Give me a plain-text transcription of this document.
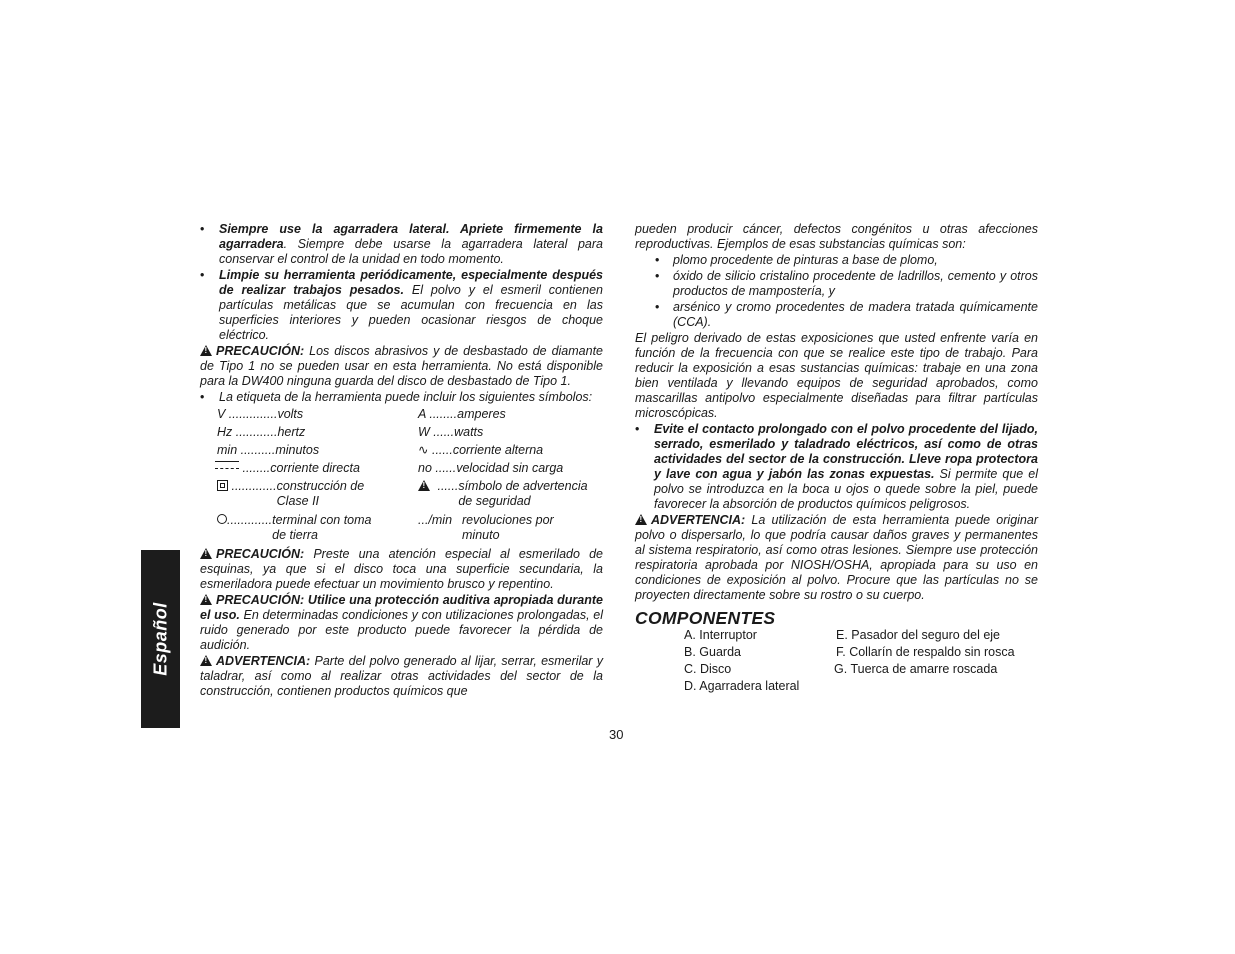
Español
• Siempre use la agarradera lateral. Apriete firmemente la agarradera. Siempre debe usarse la agarradera lateral para conservar el control de la unidad en todo momento.
• Limpie su herramienta periódicamente, especialmente después de realizar trabajos pesados. El polvo y el esmeril contienen partículas metálicas que se acumulan con frecuencia en las superficies interiores y pueden ocasionar riesgos de choque eléctrico.

!PRECAUCIÓN: Los discos abrasivos y de desbastado de diamante de Tipo 1 no se pueden usar en esta herramienta. No está disponible para la DW400 ninguna guarda del disco de desbastado de Tipo 1.

• La etiqueta de la herramienta puede incluir los siguientes símbolos:
V ..............volts
Hz ............hertz
min ..........minutos
........corriente directa
.............construcción de Clase II
.............terminal con toma de tierra
A ........amperes
W ......watts
∿ ......corriente alterna
no ......velocidad sin carga
! ......símbolo de advertencia de seguridad
.../min revoluciones por minuto

!PRECAUCIÓN: Preste una atención especial al esmerilado de esquinas, ya que si el disco toca una superficie secundaria, la esmeriladora puede efectuar un movimiento brusco y repentino.

!PRECAUCIÓN: Utilice una protección auditiva apropiada durante el uso. En determinadas condiciones y con utilizaciones prolongadas, el ruido generado por este producto puede favorecer la pérdida de audición.

!ADVERTENCIA: Parte del polvo generado al lijar, serrar, esmerilar y taladrar, así como al realizar otras actividades del sector de la construcción, contienen productos químicos que

pueden producir cáncer, defectos congénitos u otras afecciones reproductivas. Ejemplos de esas substancias químicas son:

• plomo procedente de pinturas a base de plomo,
• óxido de silicio cristalino procedente de ladrillos, cemento y otros productos de mampostería, y
• arsénico y cromo procedentes de madera tratada químicamente (CCA).

El peligro derivado de estas exposiciones que usted enfrente varía en función de la frecuencia con que se realice este tipo de trabajo. Para reducir la exposición a esas sustancias químicas: trabaje en una zona bien ventilada y llevando equipos de seguridad aprobados, como mascarillas antipolvo especialmente diseñadas para filtrar partículas microscópicas.

• Evite el contacto prolongado con el polvo procedente del lijado, serrado, esmerilado y taladrado eléctricos, así como de otras actividades del sector de la construcción. Lleve ropa protectora y lave con agua y jabón las zonas expuestas. Si permite que el polvo se introduzca en la boca u ojos o quede sobre la piel, puede favorecer la absorción de productos químicos peligrosos.

!ADVERTENCIA: La utilización de esta herramienta puede originar polvo o dispersarlo, lo que podría causar daños graves y permanentes al sistema respiratorio, así como otras lesiones. Siempre use protección respiratoria aprobada por NIOSH/OSHA, apropiada para su uso en condiciones de exposición al polvo. Procure que las partículas no se proyecten directamente sobre su rostro o su cuerpo.

COMPONENTES
A. Interruptor
B. Guarda
C. Disco
D. Agarradera lateral
E. Pasador del seguro del eje
F. Collarín de respaldo sin rosca
G. Tuerca de amarre roscada
30
